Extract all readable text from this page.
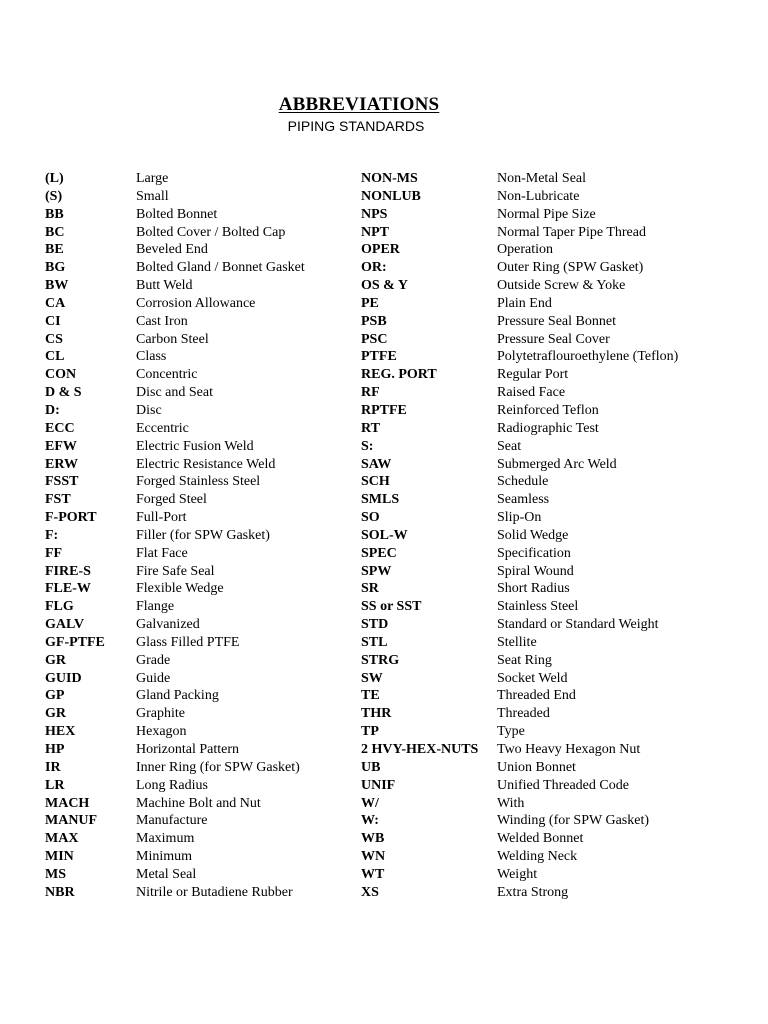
ABBREVIATIONS
PIPING STANDARDS
(L)	Large
(S)	Small
BB	Bolted Bonnet
BC	Bolted Cover / Bolted Cap
BE	Beveled End
BG	Bolted Gland / Bonnet Gasket
BW	Butt Weld
CA	Corrosion Allowance
CI	Cast Iron
CS	Carbon Steel
CL	Class
CON	Concentric
D & S	Disc and Seat
D:	Disc
ECC	Eccentric
EFW	Electric Fusion Weld
ERW	Electric Resistance Weld
FSST	Forged Stainless Steel
FST	Forged Steel
F-PORT	Full-Port
F:	Filler (for SPW Gasket)
FF	Flat Face
FIRE-S	Fire Safe Seal
FLE-W	Flexible Wedge
FLG	Flange
GALV	Galvanized
GF-PTFE Glass Filled PTFE
GR	Grade
GUID	Guide
GP	Gland Packing
GR	Graphite
HEX	Hexagon
HP	Horizontal Pattern
IR	Inner Ring (for SPW Gasket)
LR	Long Radius
MACH	Machine Bolt and Nut
MANUF	Manufacture
MAX	Maximum
MIN	Minimum
MS	Metal Seal
NBR	Nitrile or Butadiene Rubber
NON-MS	Non-Metal Seal
NONLUB	Non-Lubricate
NPS	Normal Pipe Size
NPT	Normal Taper Pipe Thread
OPER	Operation
OR:	Outer Ring (SPW Gasket)
OS & Y	Outside Screw & Yoke
PE	Plain End
PSB	Pressure Seal Bonnet
PSC	Pressure Seal Cover
PTFE	Polytetraflouroethylene (Teflon)
REG. PORT	Regular Port
RF	Raised Face
RPTFE	Reinforced Teflon
RT	Radiographic Test
S:	Seat
SAW	Submerged Arc Weld
SCH	Schedule
SMLS	Seamless
SO	Slip-On
SOL-W	Solid Wedge
SPEC	Specification
SPW	Spiral Wound
SR	Short Radius
SS or SST	Stainless Steel
STD	Standard or Standard Weight
STL	Stellite
STRG	Seat Ring
SW	Socket Weld
TE	Threaded End
THR	Threaded
TP	Type
2 HVY-HEX-NUTS Two Heavy Hexagon Nut
UB	Union Bonnet
UNIF	Unified Threaded Code
W/	With
W:	Winding (for SPW Gasket)
WB	Welded Bonnet
WN	Welding Neck
WT	Weight
XS	Extra Strong
